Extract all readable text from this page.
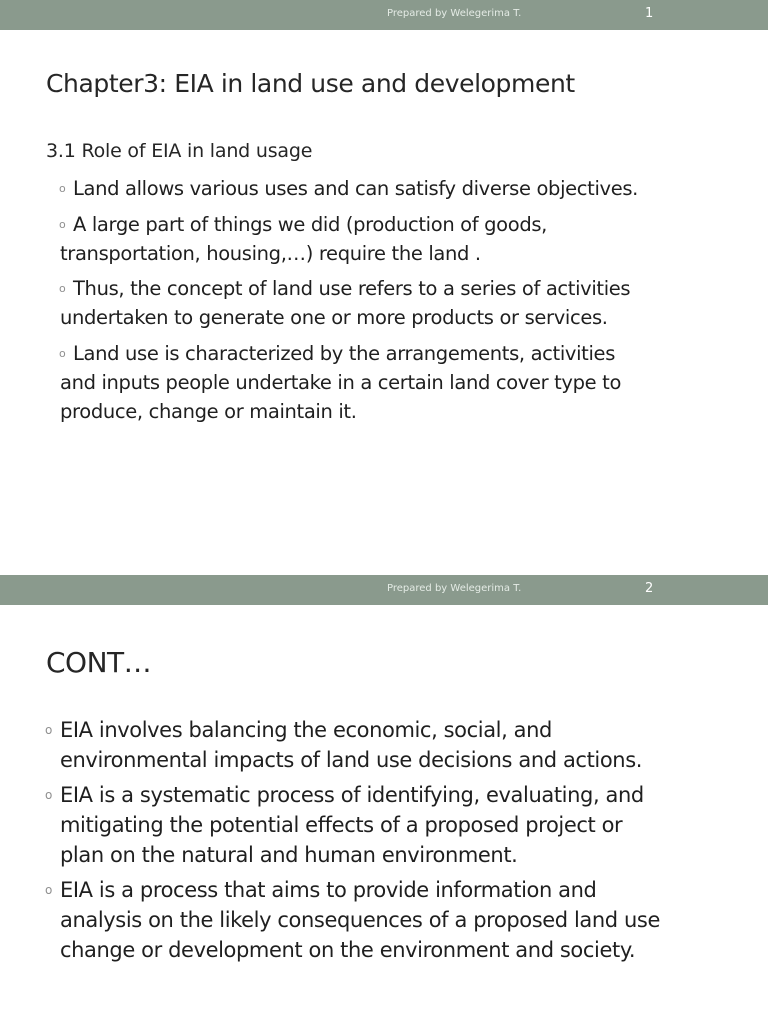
Prepared by Welegerima T.	1
Chapter3: EIA in land use and development
3.1 Role of EIA in land usage
o Land allows various uses and can satisfy diverse objectives.
o A large part of things we did (production of goods,
transportation, housing,…) require the land .
o Thus, the concept of land use refers to a series of activities
undertaken to generate one or more products or services.
o Land use is characterized by the arrangements, activities
and inputs people undertake in a certain land cover type to
produce, change or maintain it.
Prepared by Welegerima T.	2
CONT…
o EIA involves balancing the economic, social, and
environmental impacts of land use decisions and actions.
o EIA is a systematic process of identifying, evaluating, and
mitigating the potential effects of a proposed project or
plan on the natural and human environment.
o EIA is a process that aims to provide information and
analysis on the likely consequences of a proposed land use
change or development on the environment and society.
